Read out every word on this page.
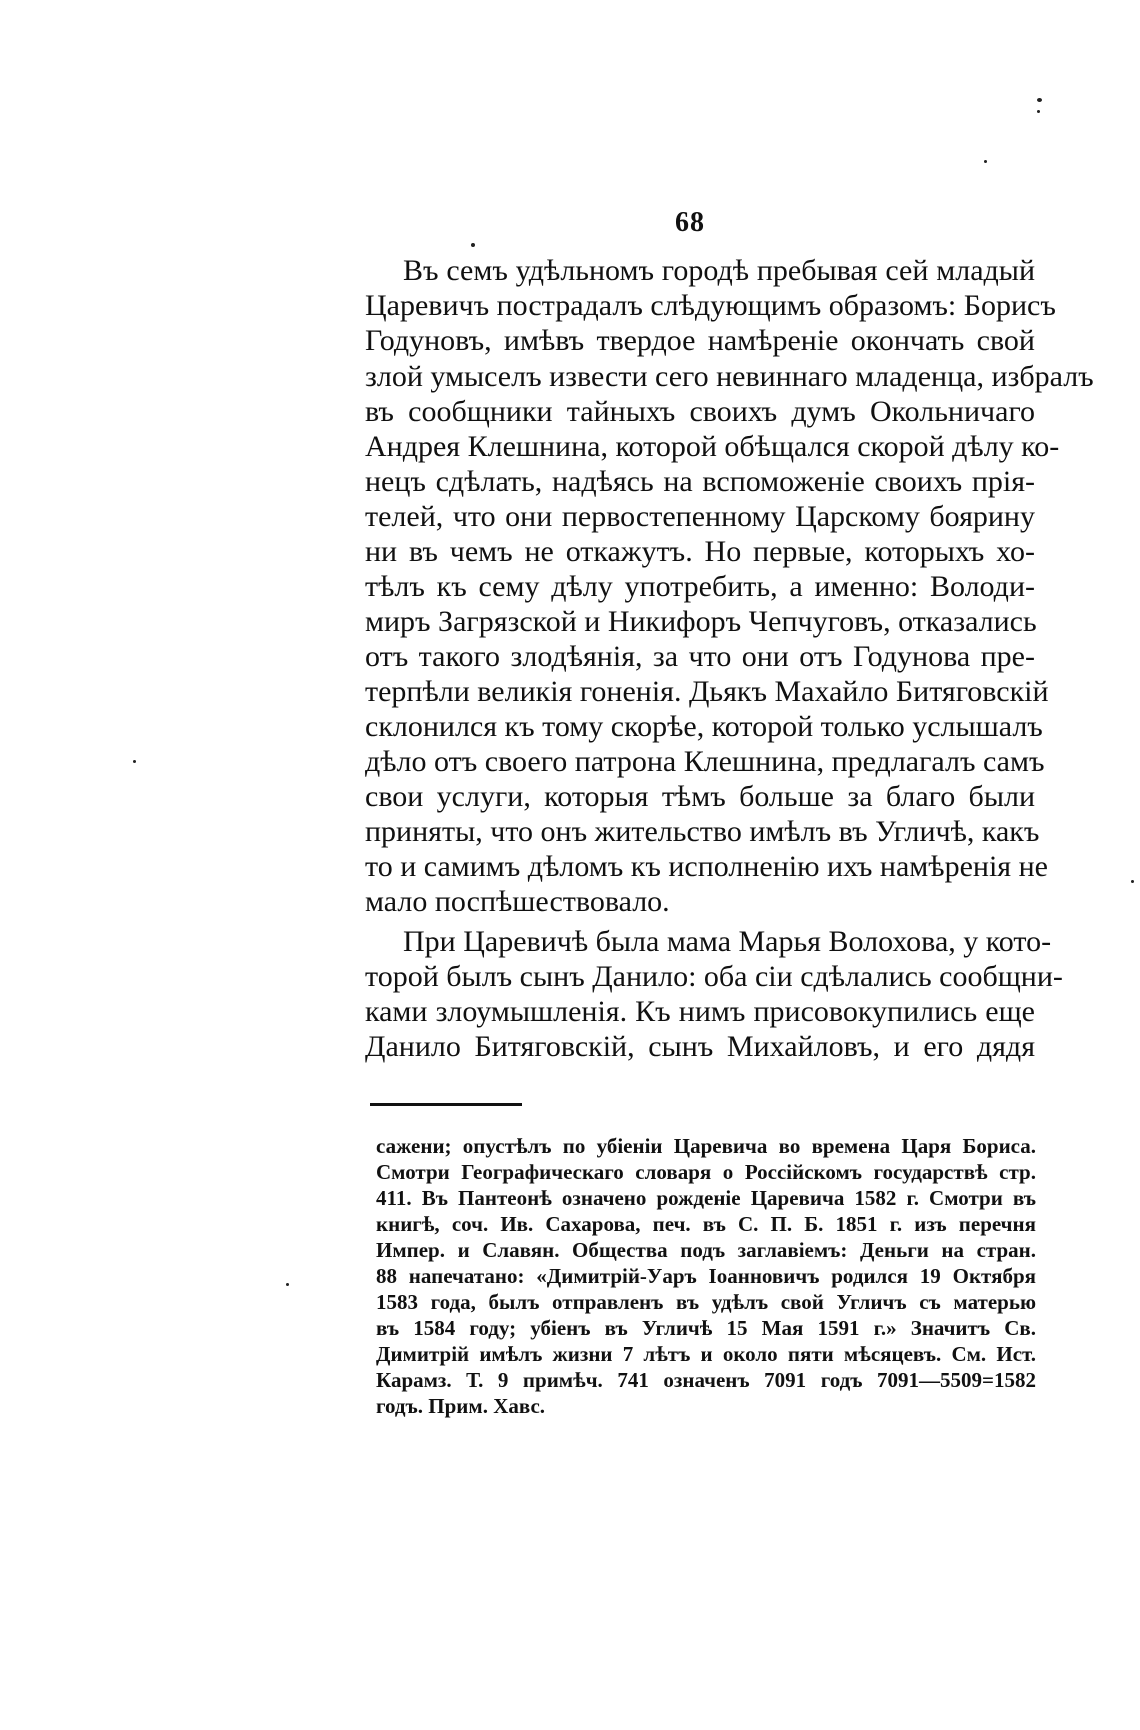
68
Въ семъ удѣльномъ городѣ пребывая сей младый
Царевичъ пострадалъ слѣдующимъ образомъ: Борисъ
Годуновъ, имѣвъ твердое намѣреніе окончать свой
злой умыселъ извести сего невиннаго младенца, избралъ
въ сообщники тайныхъ своихъ думъ Окольничаго
Андрея Клешнина, которой обѣщался скорой дѣлу ко-
нецъ сдѣлать, надѣясь на вспоможеніе своихъ прія-
телей, что они первостепенному Царскому боярину
ни въ чемъ не откажутъ. Но первые, которыхъ хо-
тѣлъ къ сему дѣлу употребить, а именно: Володи-
миръ Загрязской и Никифоръ Чепчуговъ, отказались
отъ такого злодѣянія, за что они отъ Годунова пре-
терпѣли великія гоненія. Дьякъ Махайло Битяговскій
склонился къ тому скорѣе, которой только услышалъ
дѣло отъ своего патрона Клешнина, предлагалъ самъ
свои услуги, которыя тѣмъ больше за благо были
приняты, что онъ жительство имѣлъ въ Угличѣ, какъ
то и самимъ дѣломъ къ исполненію ихъ намѣренія не
мало поспѣшествовало.
При Царевичѣ была мама Марья Волохова, у кото-
торой былъ сынъ Данило: оба сіи сдѣлались сообщни-
ками злоумышленія. Къ нимъ присовокупились еще
Данило Битяговскій, сынъ Михайловъ, и его дядя
сажени; опустѣлъ по убіеніи Царевича во времена Царя Бориса.
Смотри Географическаго словаря о Россійскомъ государствѣ стр.
411. Въ Пантеонѣ означено рожденіе Царевича 1582 г. Смотри въ
книгѣ, соч. Ив. Сахарова, печ. въ С. П. Б. 1851 г. изъ перечня
Импер. и Славян. Общества подъ заглавіемъ: Деньги на стран.
88 напечатано: «Димитрій-Уаръ Іоанновичъ родился 19 Октября
1583 года, былъ отправленъ въ удѣлъ свой Угличъ съ матерью
въ 1584 году; убіенъ въ Угличѣ 15 Мая 1591 г.» Значитъ Св.
Димитрій имѣлъ жизни 7 лѣтъ и около пяти мѣсяцевъ. См. Ист.
Карамз. Т. 9 примѣч. 741 означенъ 7091 годъ 7091—5509=1582
годъ. Прим. Хавс.
